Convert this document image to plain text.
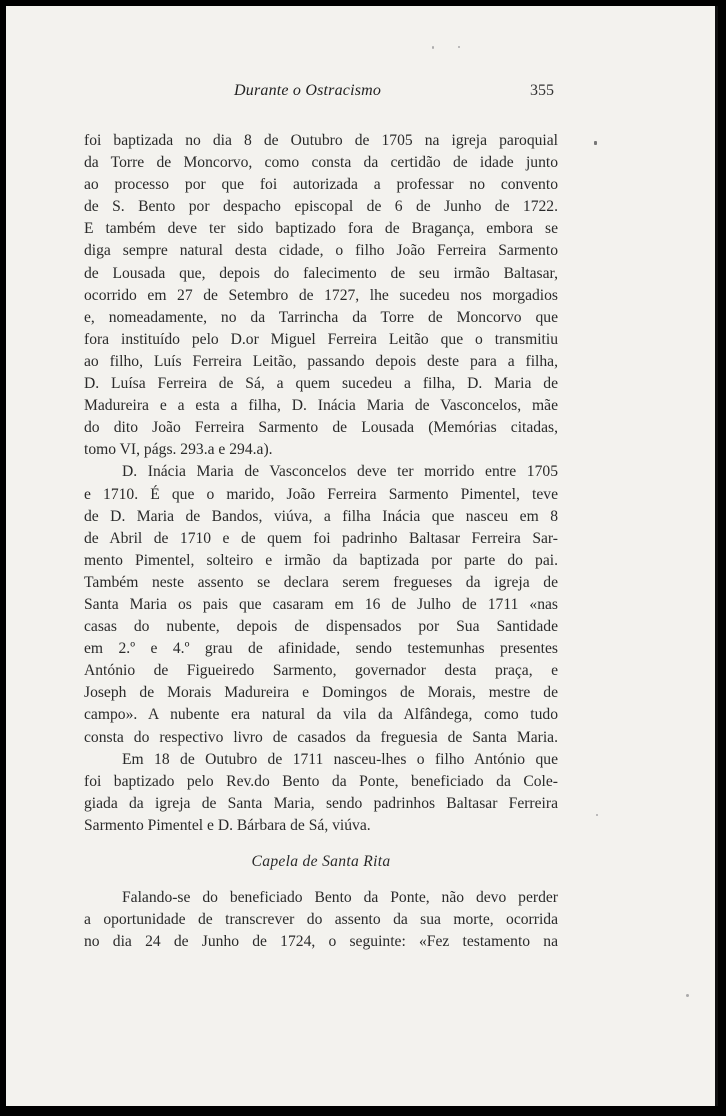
Durante o Ostracismo	355
foi baptizada no dia 8 de Outubro de 1705 na igreja paroquial
da Torre de Moncorvo, como consta da certidão de idade junto
ao processo por que foi autorizada a professar no convento
de S. Bento por despacho episcopal de 6 de Junho de 1722.
E também deve ter sido baptizado fora de Bragança, embora se
diga sempre natural desta cidade, o filho João Ferreira Sarmento
de Lousada que, depois do falecimento de seu irmão Baltasar,
ocorrido em 27 de Setembro de 1727, lhe sucedeu nos morgadios
e, nomeadamente, no da Tarrincha da Torre de Moncorvo que
fora instituído pelo D.or Miguel Ferreira Leitão que o transmitiu
ao filho, Luís Ferreira Leitão, passando depois deste para a filha,
D. Luísa Ferreira de Sá, a quem sucedeu a filha, D. Maria de
Madureira e a esta a filha, D. Inácia Maria de Vasconcelos, mãe
do dito João Ferreira Sarmento de Lousada (Memórias citadas,
tomo VI, págs. 293.a e 294.a).
D. Inácia Maria de Vasconcelos deve ter morrido entre 1705
e 1710. É que o marido, João Ferreira Sarmento Pimentel, teve
de D. Maria de Bandos, viúva, a filha Inácia que nasceu em 8
de Abril de 1710 e de quem foi padrinho Baltasar Ferreira Sar-
mento Pimentel, solteiro e irmão da baptizada por parte do pai.
Também neste assento se declara serem fregueses da igreja de
Santa Maria os pais que casaram em 16 de Julho de 1711 «nas
casas do nubente, depois de dispensados por Sua Santidade
em 2.º e 4.º grau de afinidade, sendo testemunhas presentes
António de Figueiredo Sarmento, governador desta praça, e
Joseph de Morais Madureira e Domingos de Morais, mestre de
campo». A nubente era natural da vila da Alfândega, como tudo
consta do respectivo livro de casados da freguesia de Santa Maria.
Em 18 de Outubro de 1711 nasceu-lhes o filho António que
foi baptizado pelo Rev.do Bento da Ponte, beneficiado da Cole-
giada da igreja de Santa Maria, sendo padrinhos Baltasar Ferreira
Sarmento Pimentel e D. Bárbara de Sá, viúva.
Capela de Santa Rita
Falando-se do beneficiado Bento da Ponte, não devo perder
a oportunidade de transcrever do assento da sua morte, ocorrida
no dia 24 de Junho de 1724, o seguinte: «Fez testamento na
